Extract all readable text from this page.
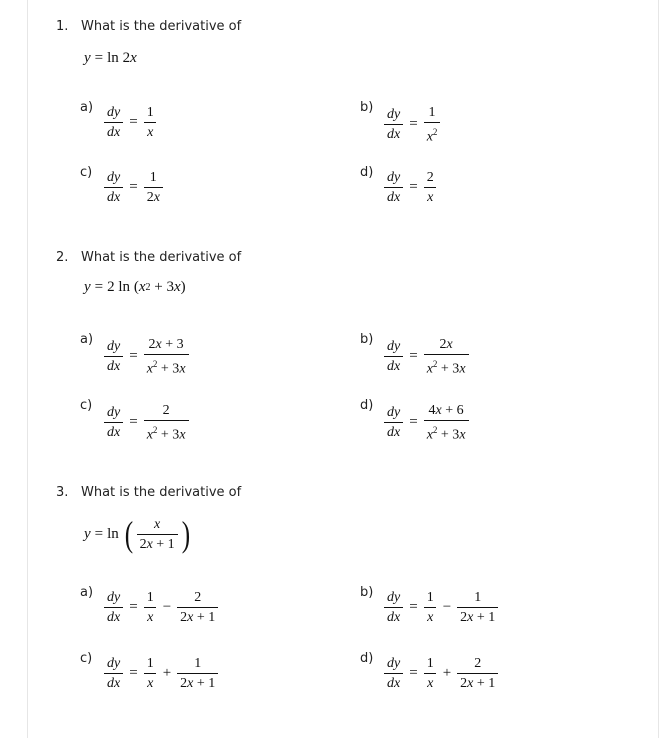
1. What is the derivative of
y = ln
2 x
$a) \frac{dy}{dx} = \frac{1}{x}$	$b) \frac{dy}{dx} = \frac{1}{x^2}$
$c) \frac{dy}{dx} = \frac{1}{2x}$	$d) \frac{dy}{dx} = \frac{2}{x}$
2. What is the derivative of
y = 2
ln
( x 2
+
3 x )
$a) \frac{dy}{dx} = \frac{2x + 3}{x^2 + 3x}$	$b) \frac{dy}{dx} = \frac{2x}{x^2 + 3x}$
$c) \frac{dy}{dx} = \frac{2}{x^2 + 3x}$	$d) \frac{dy}{dx} = \frac{4x + 6}{x^2 + 3x}$
3. What is the derivative of
y = ln
( $\frac{x}{2x + 1}$ )
$a) \frac{dy}{dx} = \frac{1}{x} - \frac{2}{2x + 1}$	$b) \frac{dy}{dx} = \frac{1}{x} - \frac{1}{2x + 1}$
$c) \frac{dy}{dx} = \frac{1}{x} + \frac{1}{2x + 1}$	$d) \frac{dy}{dx} = \frac{1}{x} + \frac{2}{2x + 1}$
